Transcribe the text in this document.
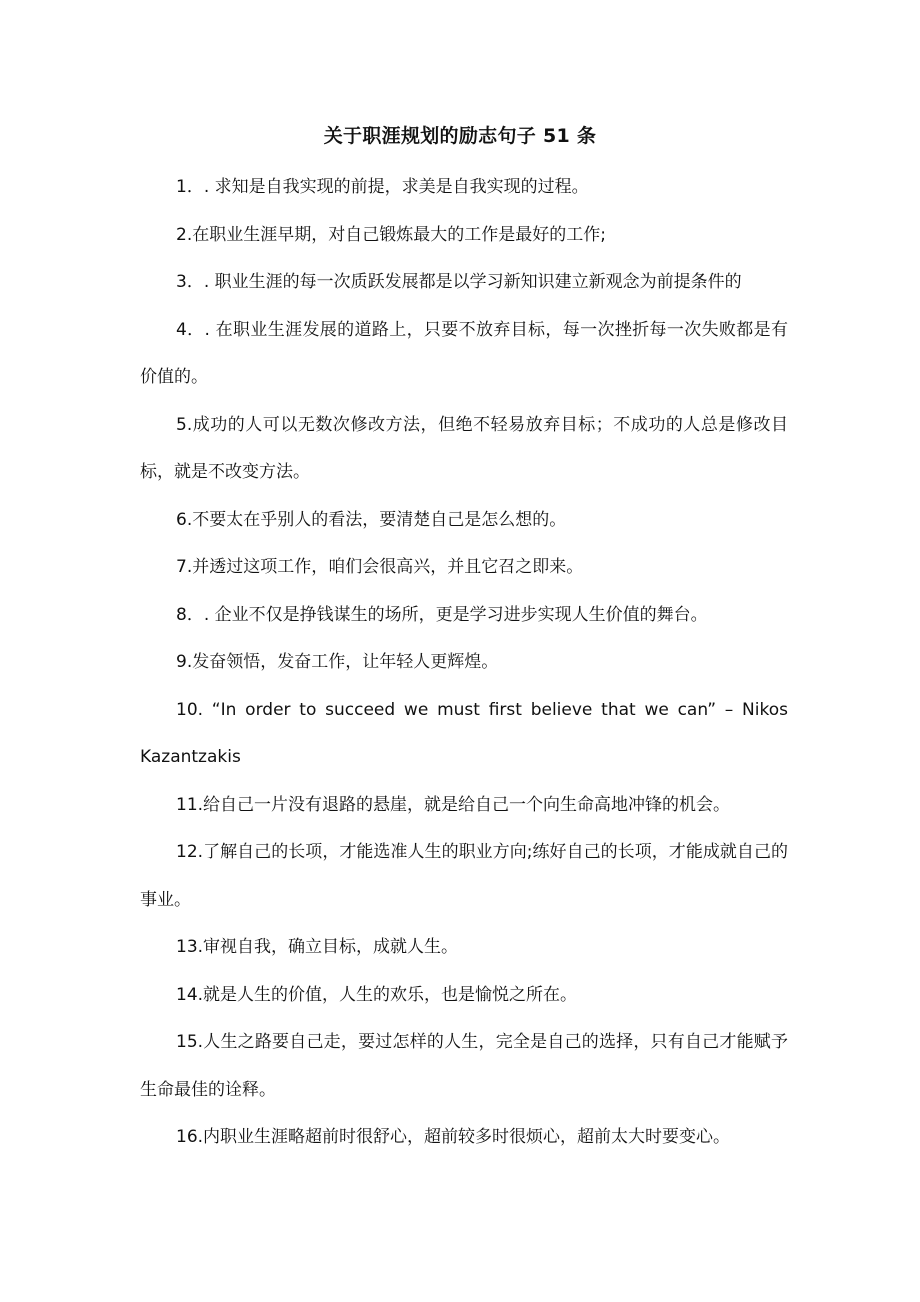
关于职涯规划的励志句子 51 条

1．. 求知是自我实现的前提，求美是自我实现的过程。

2.在职业生涯早期，对自己锻炼最大的工作是最好的工作;

3．. 职业生涯的每一次质跃发展都是以学习新知识建立新观念为前提条件的

4．. 在职业生涯发展的道路上，只要不放弃目标，每一次挫折每一次失败都是有价值的。

5.成功的人可以无数次修改方法，但绝不轻易放弃目标；不成功的人总是修改目标，就是不改变方法。

6.不要太在乎别人的看法，要清楚自己是怎么想的。

7.并透过这项工作，咱们会很高兴，并且它召之即来。

8．. 企业不仅是挣钱谋生的场所，更是学习进步实现人生价值的舞台。

9.发奋领悟，发奋工作，让年轻人更辉煌。

10. “In order to succeed we must first believe that we can” – Nikos Kazantzakis

11.给自己一片没有退路的悬崖，就是给自己一个向生命高地冲锋的机会。

12.了解自己的长项，才能选准人生的职业方向;练好自己的长项，才能成就自己的事业。

13.审视自我，确立目标，成就人生。

14.就是人生的价值，人生的欢乐，也是愉悦之所在。

15.人生之路要自己走，要过怎样的人生，完全是自己的选择，只有自己才能赋予生命最佳的诠释。

16.内职业生涯略超前时很舒心，超前较多时很烦心，超前太大时要变心。
